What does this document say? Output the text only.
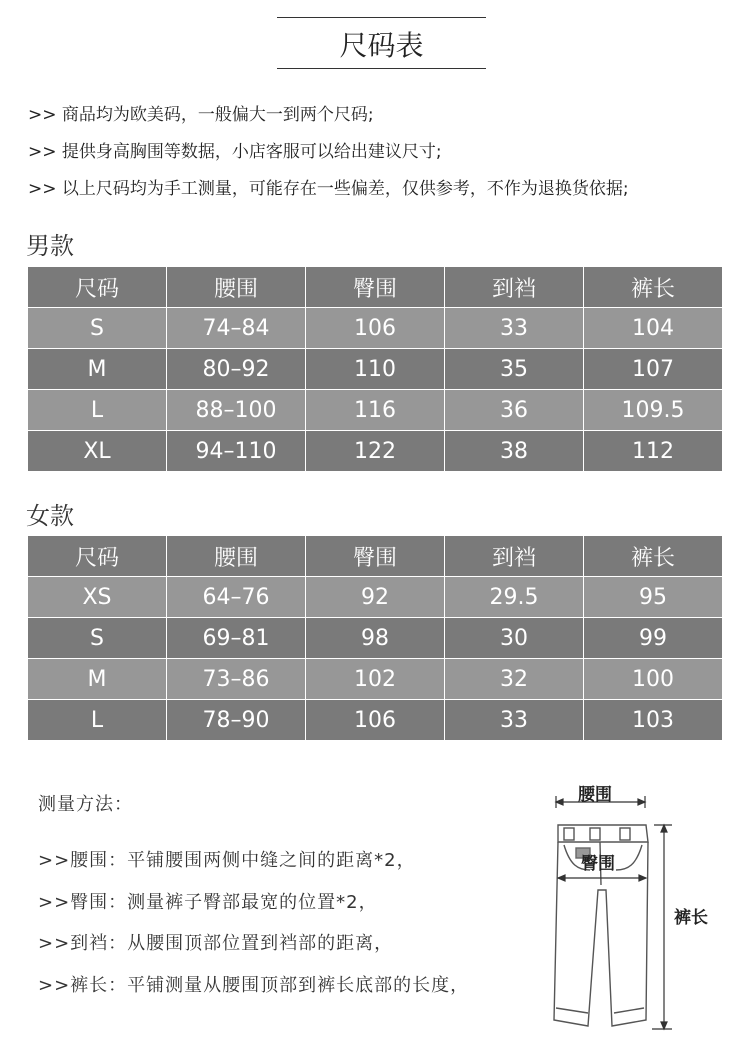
尺码表
>> 商品均为欧美码，一般偏大一到两个尺码;
>> 提供身高胸围等数据，小店客服可以给出建议尺寸;
>> 以上尺码均为手工测量，可能存在一些偏差，仅供参考，不作为退换货依据;
男款
尺码	腰围	臀围	到裆	裤长
S	74–84	106	33	104
M	80–92	110	35	107
L	88–100	116	36	109.5
XL	94–110	122	38	112
女款
尺码	腰围	臀围	到裆	裤长
XS	64–76	92	29.5	95
S	69–81	98	30	99
M	73–86	102	32	100
L	78–90	106	33	103
测量方法：
>>腰围：平铺腰围两侧中缝之间的距离*2，
>>臀围：测量裤子臀部最宽的位置*2，
>>到裆：从腰围顶部位置到裆部的距离，
>>裤长：平铺测量从腰围顶部到裤长底部的长度，
腰围
臀围
裤长
